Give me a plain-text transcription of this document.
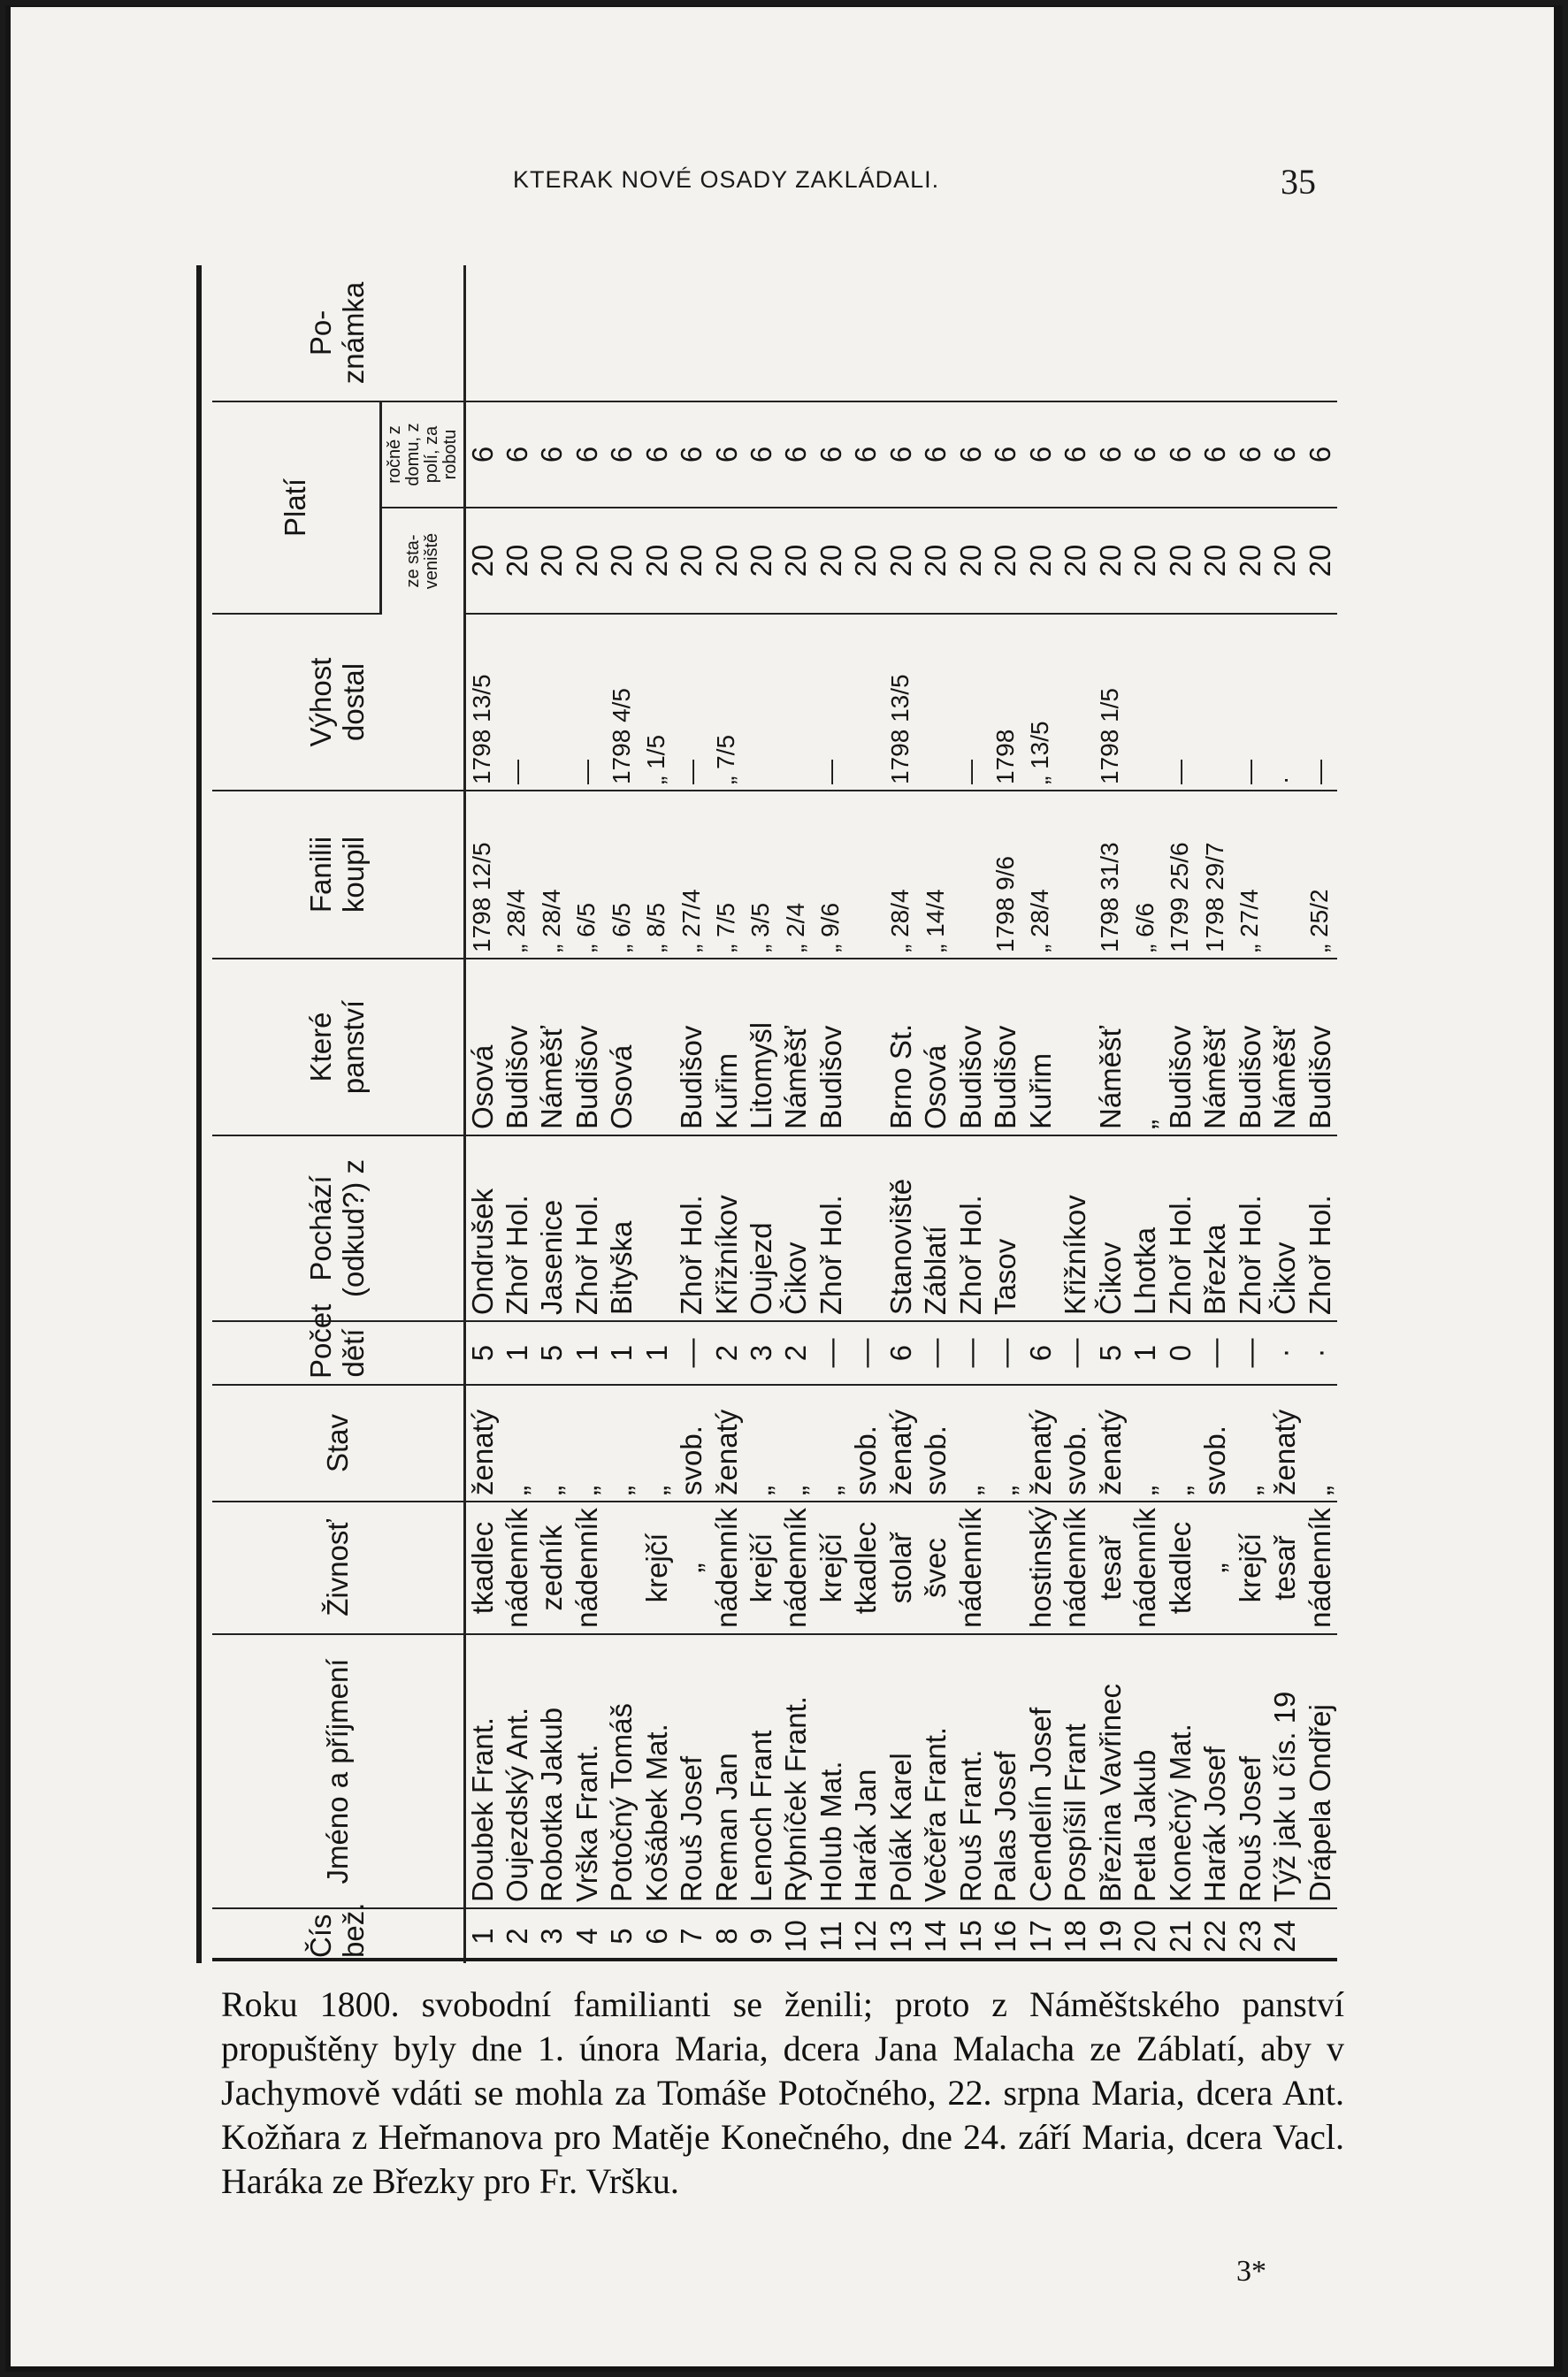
KTERAK NOVÉ OSADY ZAKLÁDALI.	35
Čís bež.	Jméno a příjmení	Živnosť	Stav	Počet dětí	Pochází (odkud?) z	Které panství	Fanilii koupil	Výhost dostal	Platí		Po-známka
									ze sta-veniště	ročně z domu, z polí, za robotu	
1	Doubek Frant.	tkadlec	ženatý	5	Ondrušek	Osová	1798 12/5	1798 13/5	20	6	
2	Oujezdský Ant.	nádenník	„	1	Zhoř Hol.	Budišov	„ 28/4	—	20	6	
3	Robotka Jakub	zedník	„	5	Jasenice	Náměšť	„ 28/4		20	6	
4	Vrška Frant.	nádenník	„	1	Zhoř Hol.	Budišov	„ 6/5	—	20	6	
5	Potočný Tomáš		„	1	Bityška	Osová	„ 6/5	1798 4/5	20	6	
6	Košábek Mat.	krejčí	„	1			„ 8/5	„ 1/5	20	6	
7	Rouš Josef	„	svob.	—	Zhoř Hol.	Budišov	„ 27/4	—	20	6	
8	Reman Jan	nádenník	ženatý	2	Křižníkov	Kuřim	„ 7/5	„ 7/5	20	6	
9	Lenoch Frant	krejčí	„	3	Oujezd	Litomyšl	„ 3/5		20	6	
10	Rybníček Frant.	nádenník	„	2	Čikov	Náměšť	„ 2/4		20	6	
11	Holub Mat.	krejčí	„	—	Zhoř Hol.	Budišov	„ 9/6	—	20	6	
12	Harák Jan	tkadlec	svob.	—					20	6	
13	Polák Karel	stolař	ženatý	6	Stanoviště	Brno St.	„ 28/4	1798 13/5	20	6	
14	Večeřa Frant.	švec	svob.	—	Záblatí	Osová	„ 14/4		20	6	
15	Rouš Frant.	nádenník	„	—	Zhoř Hol.	Budišov		—	20	6	
16	Palas Josef		„	—	Tasov	Budišov	1798 9/6	1798	20	6	
17	Cendelín Josef	hostinský	ženatý	6		Kuřim	„ 28/4	„ 13/5	20	6	
18	Pospíšil Frant	nádenník	svob.	—	Křižníkov				20	6	
19	Březina Vavřinec	tesař	ženatý	5	Čikov	Náměšť	1798 31/3	1798 1/5	20	6	
20	Petla Jakub	nádenník	„	1	Lhotka	„	„ 6/6		20	6	
21	Konečný Mat.	tkadlec	„	0	Zhoř Hol.	Budišov	1799 25/6	—	20	6	
22	Harák Josef	„	svob.	—	Březka	Náměšť	1798 29/7		20	6	
23	Rouš Josef	krejčí	„	—	Zhoř Hol.	Budišov	„ 27/4	—	20	6	
24	Týž jak u čís. 19	tesař	ženatý	·	Čikov	Náměšť		·	20	6	
	Drápela Ondřej	nádenník	„	·	Zhoř Hol.	Budišov	„ 25/2	—	20	6	
Roku 1800. svobodní familianti se ženili; proto z Náměštského panství propuštěny byly dne 1. února Maria, dcera Jana Malacha ze Záblatí, aby v Jachymově vdáti se mohla za Tomáše Potočného, 22. srpna Maria, dcera Ant. Kožňara z Heřmanova pro Matěje Konečného, dne 24. září Maria, dcera Vacl. Haráka ze Březky pro Fr. Vršku.
3*
